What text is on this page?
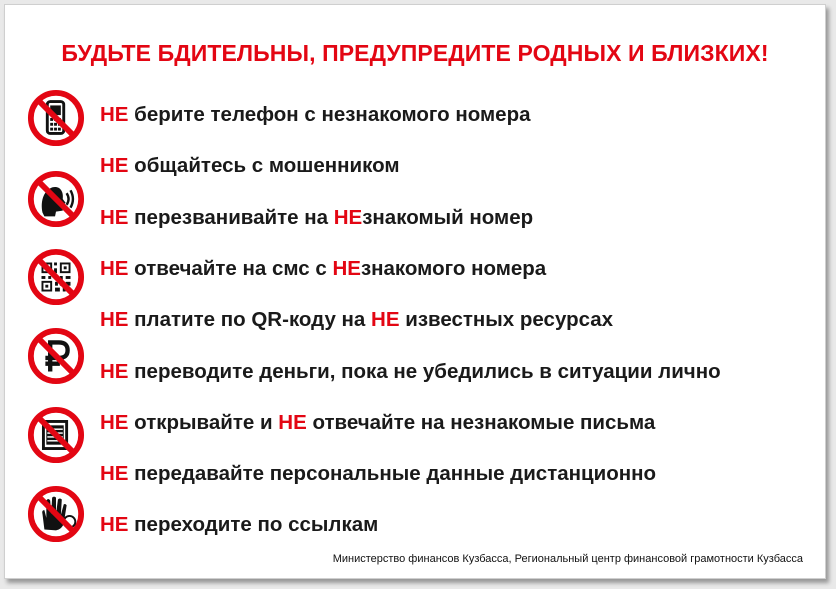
БУДЬТЕ БДИТЕЛЬНЫ, ПРЕДУПРЕДИТЕ РОДНЫХ И БЛИЗКИХ!
НЕ берите телефон с незнакомого номера
НЕ общайтесь с мошенником
НЕ перезванивайте на НЕзнакомый номер
НЕ отвечайте на смс с НЕзнакомого номера
НЕ платите по QR-коду на НЕ известных ресурсах
НЕ переводите деньги, пока не убедились в ситуации лично
НЕ открывайте и НЕ отвечайте на незнакомые письма
НЕ передавайте персональные данные дистанционно
НЕ переходите по ссылкам
Министерство финансов Кузбасса, Региональный центр финансовой грамотности Кузбасса
